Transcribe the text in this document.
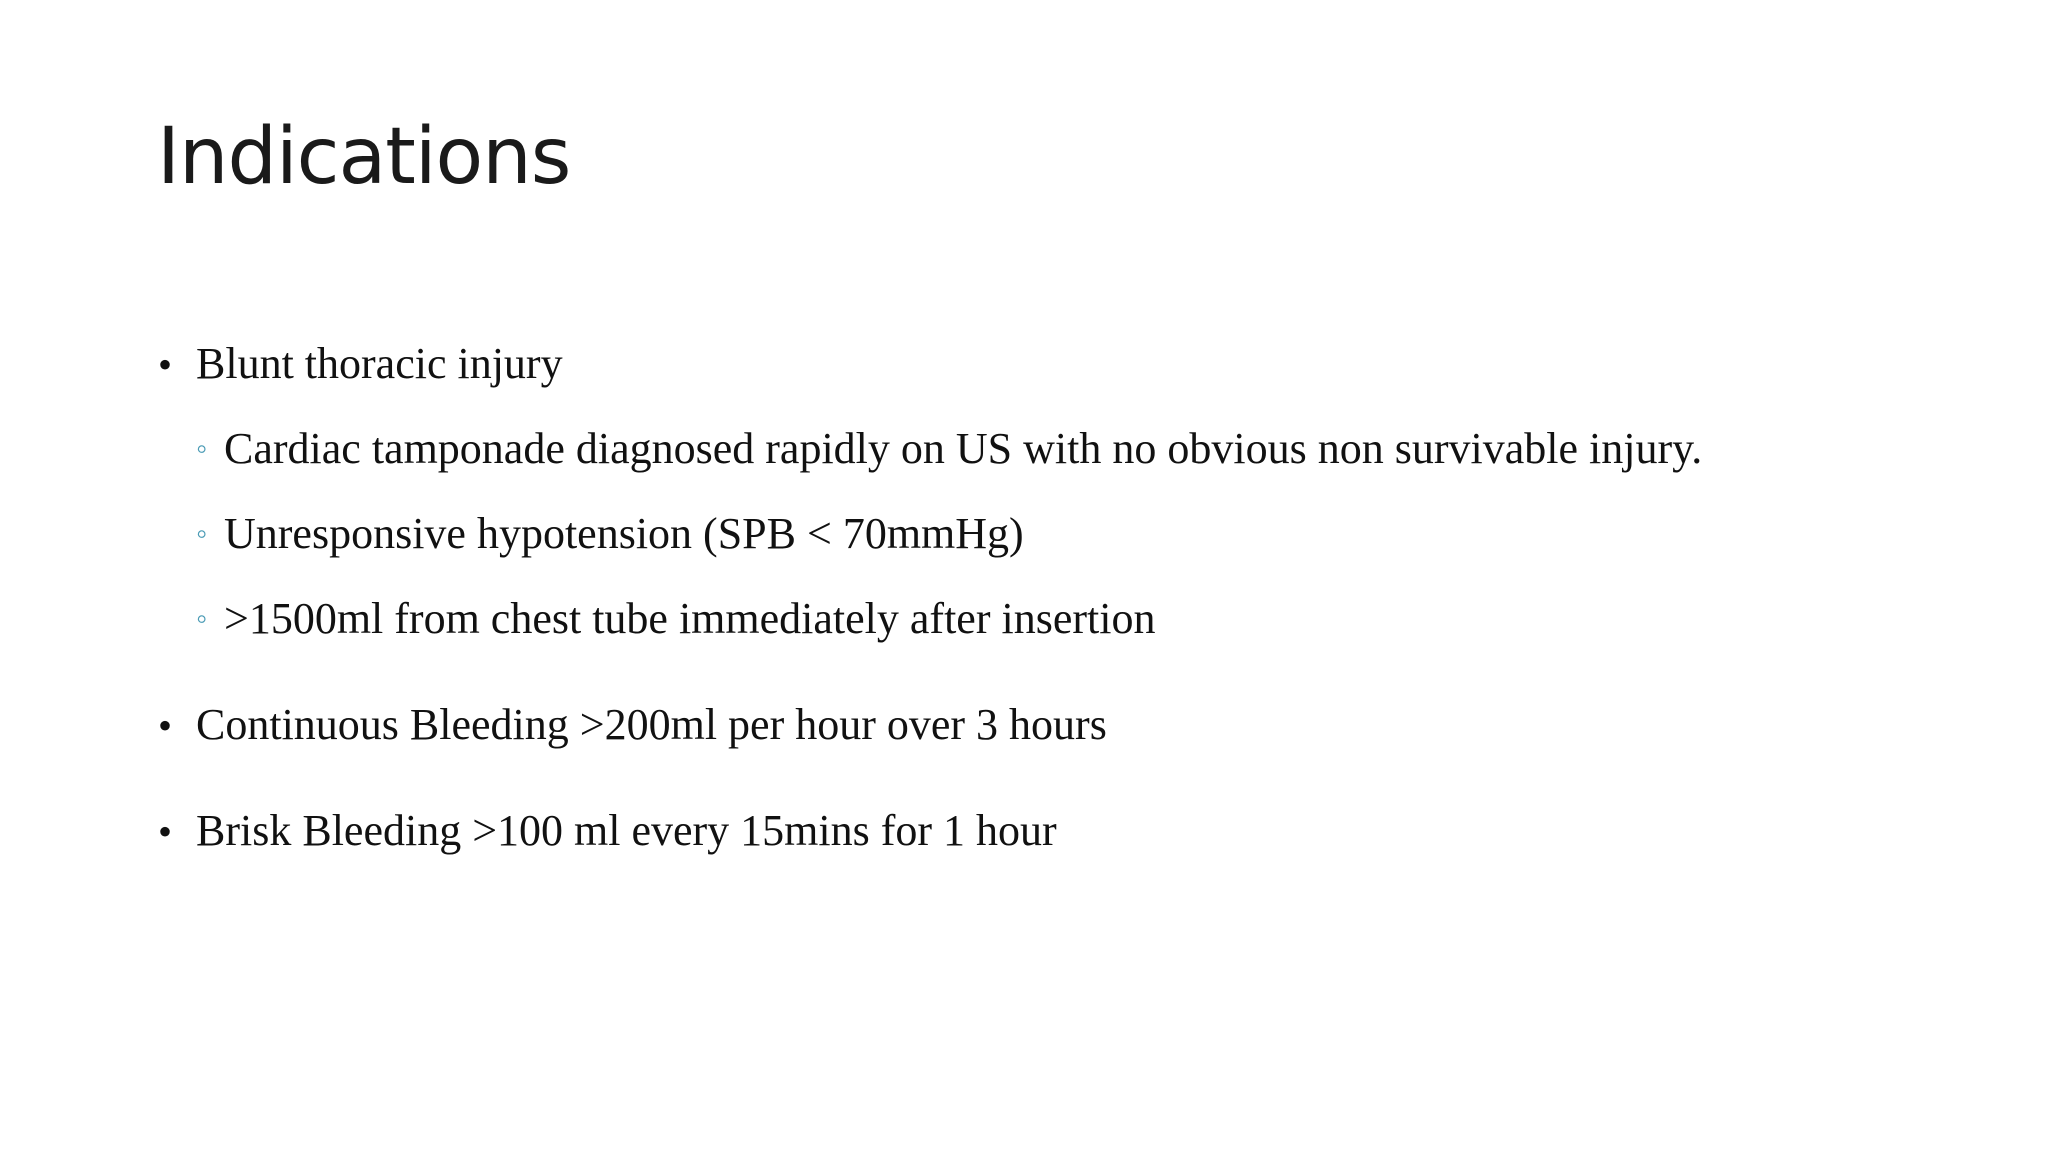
Indications
• Blunt thoracic injury
◦ Cardiac tamponade diagnosed rapidly on US with no obvious non survivable injury.
◦ Unresponsive hypotension (SPB < 70mmHg)
◦ >1500ml from chest tube immediately after insertion
• Continuous Bleeding >200ml per hour over 3 hours
• Brisk Bleeding >100 ml every 15mins for 1 hour
